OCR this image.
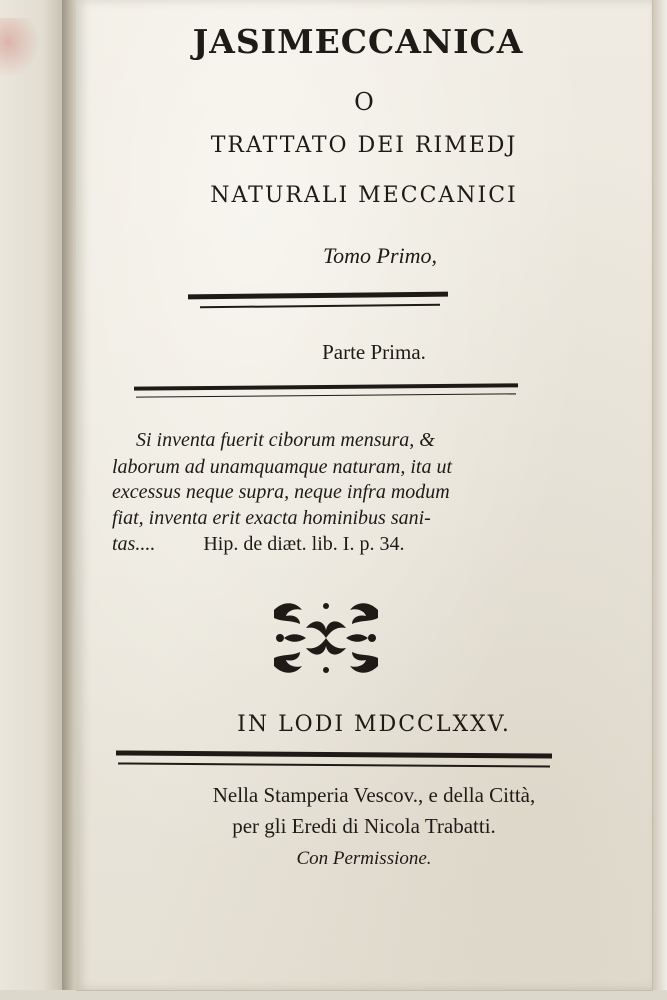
JASIMECCANICA
O
TRATTATO DEI RIMEDJ
NATURALI MECCANICI
Tomo Primo,
Parte Prima.
Si inventa fuerit ciborum mensura, &
laborum ad unamquamque naturam, ita ut
excessus neque supra, neque infra modum
fiat, inventa erit exacta hominibus sani-
tas.... Hip. de diæt. lib. I. p. 34.
IN LODI MDCCLXXV.
Nella Stamperia Vescov., e della Città,
per gli Eredi di Nicola Trabatti.
Con Permissione.
